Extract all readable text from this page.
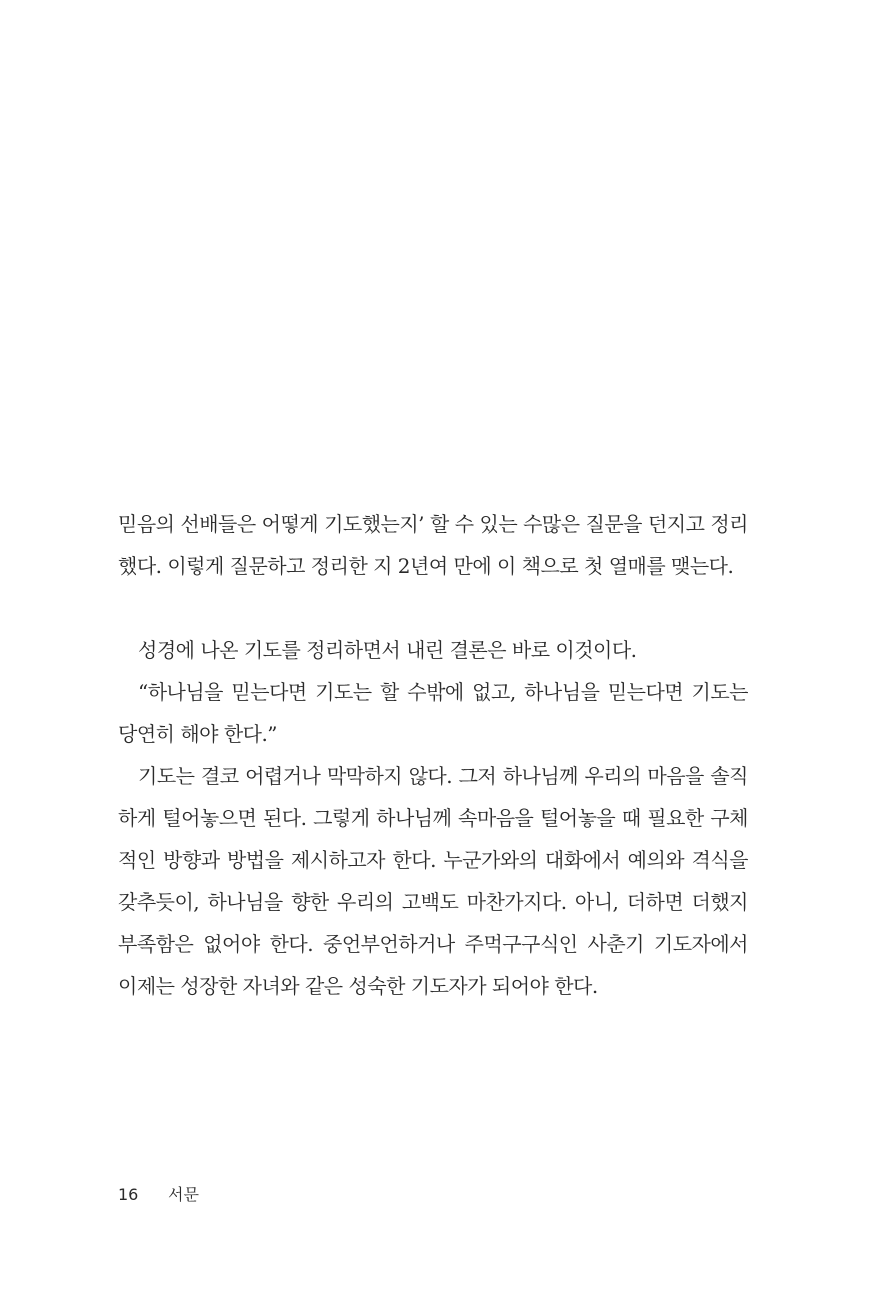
믿음의 선배들은 어떻게 기도했는지’ 할 수 있는 수많은 질문을 던지고 정리했다. 이렇게 질문하고 정리한 지 2년여 만에 이 책으로 첫 열매를 맺는다.

성경에 나온 기도를 정리하면서 내린 결론은 바로 이것이다.

“하나님을 믿는다면 기도는 할 수밖에 없고, 하나님을 믿는다면 기도는 당연히 해야 한다.”

기도는 결코 어렵거나 막막하지 않다. 그저 하나님께 우리의 마음을 솔직하게 털어놓으면 된다. 그렇게 하나님께 속마음을 털어놓을 때 필요한 구체적인 방향과 방법을 제시하고자 한다. 누군가와의 대화에서 예의와 격식을 갖추듯이, 하나님을 향한 우리의 고백도 마찬가지다. 아니, 더하면 더했지 부족함은 없어야 한다. 중언부언하거나 주먹구구식인 사춘기 기도자에서 이제는 성장한 자녀와 같은 성숙한 기도자가 되어야 한다.

16 서문
